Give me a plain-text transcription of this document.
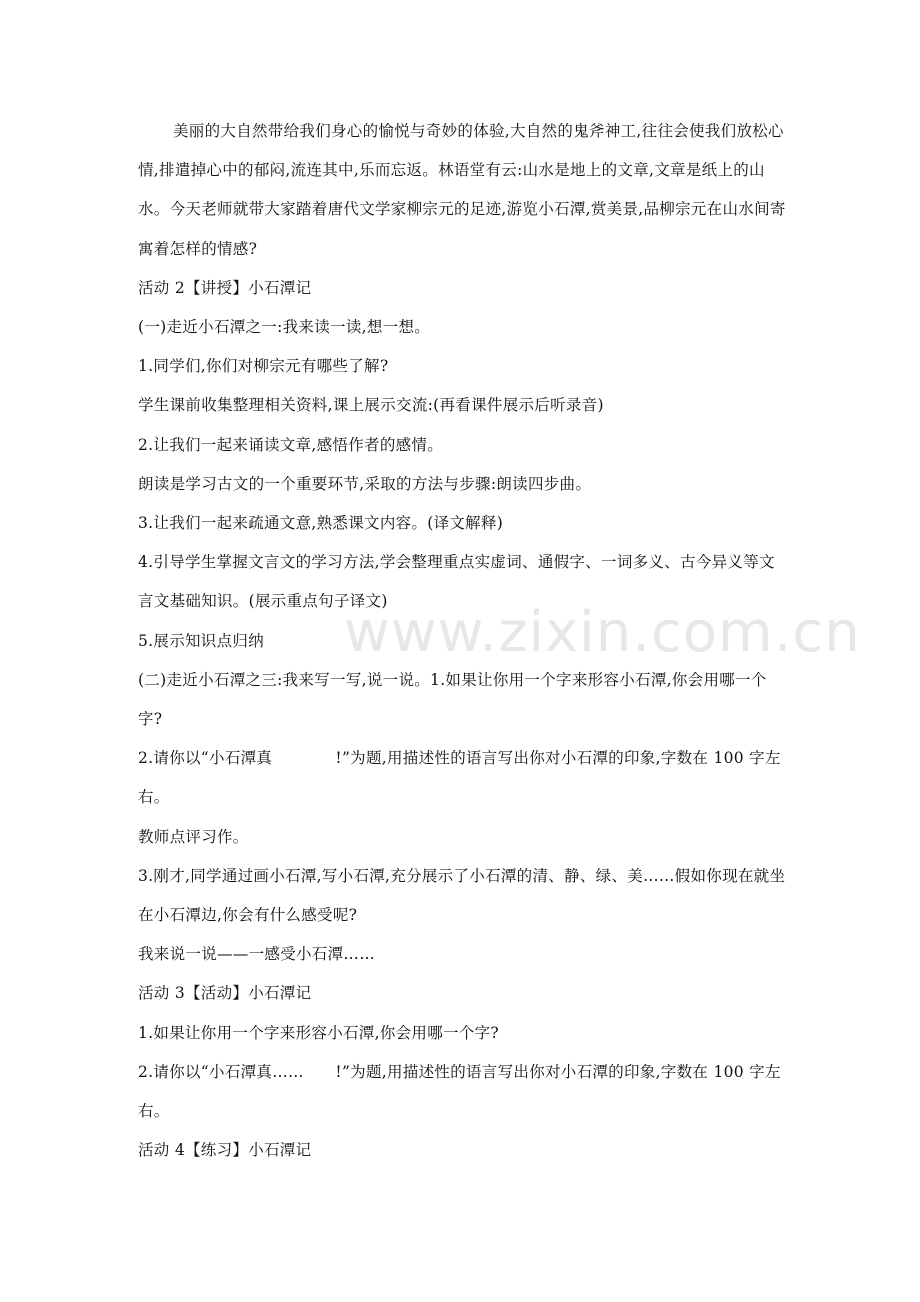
美丽的大自然带给我们身心的愉悦与奇妙的体验,大自然的鬼斧神工,往往会使我们放松心情,排遣掉心中的郁闷,流连其中,乐而忘返。林语堂有云:山水是地上的文章,文章是纸上的山水。今天老师就带大家踏着唐代文学家柳宗元的足迹,游览小石潭,赏美景,品柳宗元在山水间寄寓着怎样的情感?

活动 2【讲授】小石潭记

(一)走近小石潭之一:我来读一读,想一想。

1.同学们,你们对柳宗元有哪些了解?

学生课前收集整理相关资料,课上展示交流:(再看课件展示后听录音)

2.让我们一起来诵读文章,感悟作者的感情。

朗读是学习古文的一个重要环节,采取的方法与步骤:朗读四步曲。

3.让我们一起来疏通文意,熟悉课文内容。(译文解释)

4.引导学生掌握文言文的学习方法,学会整理重点实虚词、通假字、一词多义、古今异义等文言文基础知识。(展示重点句子译文)

5.展示知识点归纳

(二)走近小石潭之三:我来写一写,说一说。1.如果让你用一个字来形容小石潭,你会用哪一个字?

2.请你以“小石潭真　　　　!”为题,用描述性的语言写出你对小石潭的印象,字数在 100 字左右。

教师点评习作。

3.刚才,同学通过画小石潭,写小石潭,充分展示了小石潭的清、静、绿、美……假如你现在就坐在小石潭边,你会有什么感受呢?

我来说一说——一感受小石潭……

活动 3【活动】小石潭记

1.如果让你用一个字来形容小石潭,你会用哪一个字?

2.请你以“小石潭真……　　!”为题,用描述性的语言写出你对小石潭的印象,字数在 100 字左右。

活动 4【练习】小石潭记

www.zixin.com.cn
